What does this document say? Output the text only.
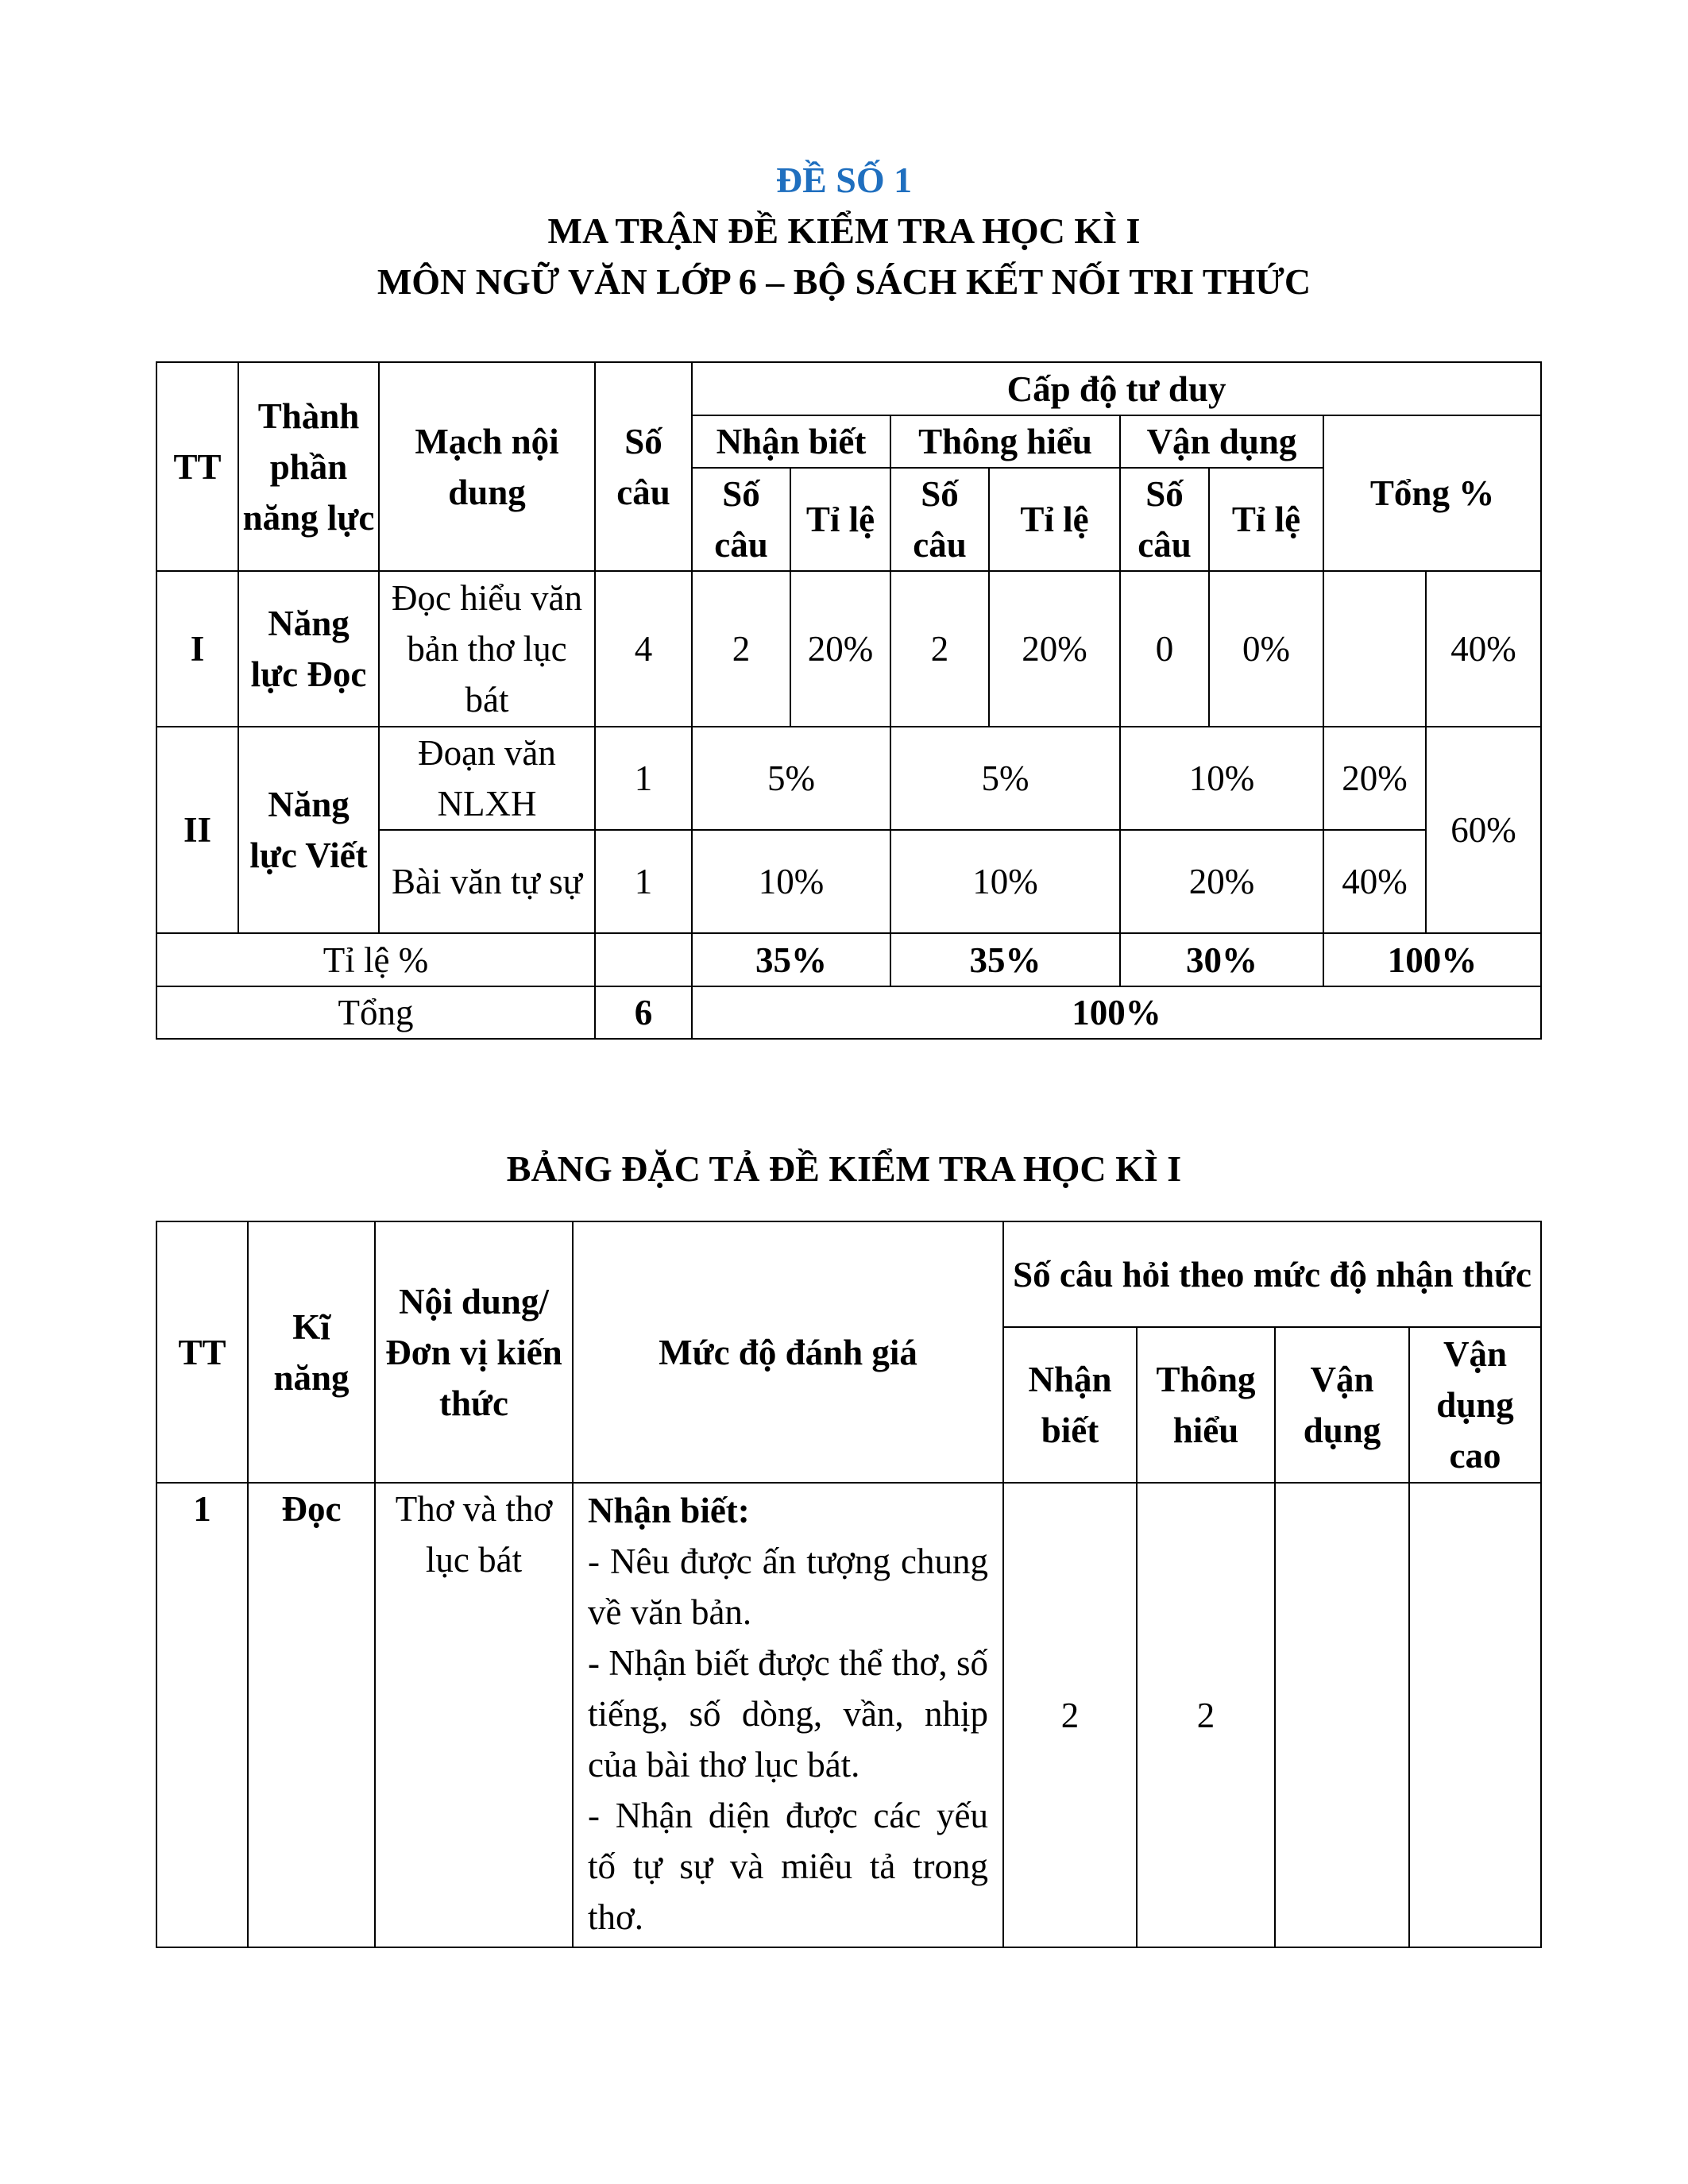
ĐỀ SỐ 1
MA TRẬN ĐỀ KIỂM TRA HỌC KÌ I
MÔN NGỮ VĂN LỚP 6 – BỘ SÁCH KẾT NỐI TRI THỨC
TT	Thành phần năng lực	Mạch nội dung	Số câu	Cấp độ tư duy							
				Nhận biết		Thông hiểu		Vận dụng		Tổng %	
				Số câu	Tỉ lệ	Số câu	Tỉ lệ	Số câu	Tỉ lệ		
I	Năng lực Đọc	Đọc hiểu văn bản thơ lục bát	4	2	20%	2	20%	0	0%		40%
II	Năng lực Viết	Đoạn văn NLXH	1	5%		5%		10%		20%	60%
		Bài văn tự sự	1	10%		10%		20%		40%	
Tỉ lệ %				35%		35%		30%		100%	
Tổng			6	100%							
BẢNG ĐẶC TẢ ĐỀ KIỂM TRA HỌC KÌ I
TT	Kĩ năng	Nội dung/Đơn vị kiến thức	Mức độ đánh giá	Số câu hỏi theo mức độ nhận thức			
				Nhận biết	Thông hiểu	Vận dụng	Vận dụng cao
1	Đọc	Thơ và thơ lục bát	Nhận biết:
- Nêu được ấn tượng chung về văn bản.
- Nhận biết được thể thơ, số tiếng, số dòng, vần, nhịp của bài thơ lục bát.
- Nhận diện được các yếu tố tự sự và miêu tả trong thơ.	2	2		
